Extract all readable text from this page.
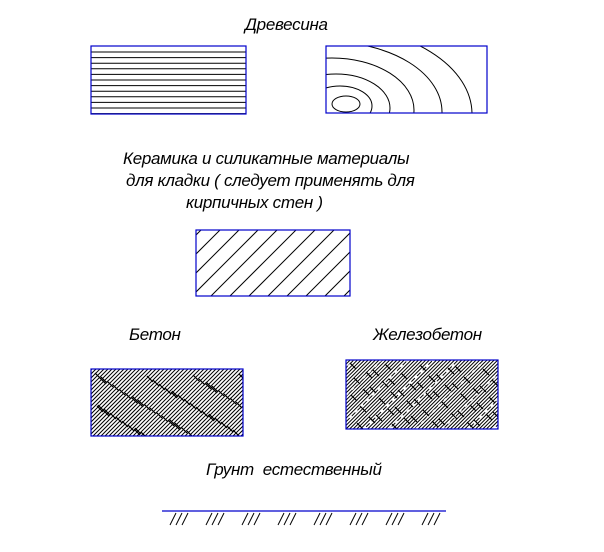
Древесина
Керамика и силикатные материалы
для кладки ( следует применять для
кирпичных стен )
Бетон	Железобетон
Грунт  естественный
